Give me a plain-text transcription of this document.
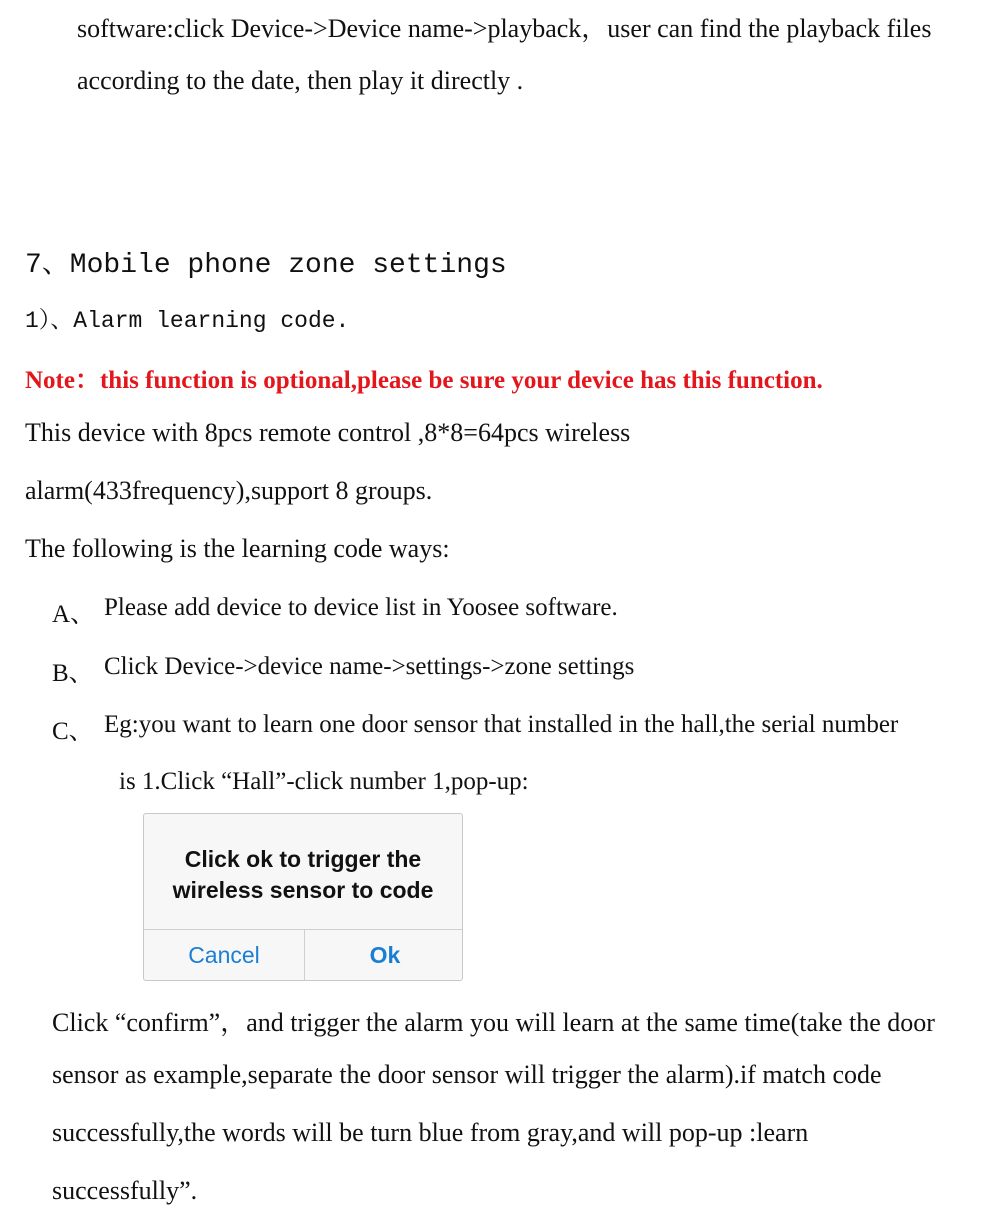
software:click Device->Device name->playback，user can find the playback files
according to the date, then play it directly .
7、Mobile phone zone settings
1）、Alarm learning code.
Note：this function is optional,please be sure your device has this function.
This device with 8pcs remote control ,8*8=64pcs wireless
alarm(433frequency),support 8 groups.
The following is the learning code ways:
A、 Please add device to device list in Yoosee software.
B、 Click Device->device name->settings->zone settings
C、 Eg:you want to learn one door sensor that installed in the hall,the serial number
is 1.Click “Hall”-click number 1,pop-up:
Click ok to trigger the
wireless sensor to code
Cancel	Ok
Click “confirm”，and trigger the alarm you will learn at the same time(take the door
sensor as example,separate the door sensor will trigger the alarm).if match code
successfully,the words will be turn blue from gray,and will pop-up :learn
successfully”.
